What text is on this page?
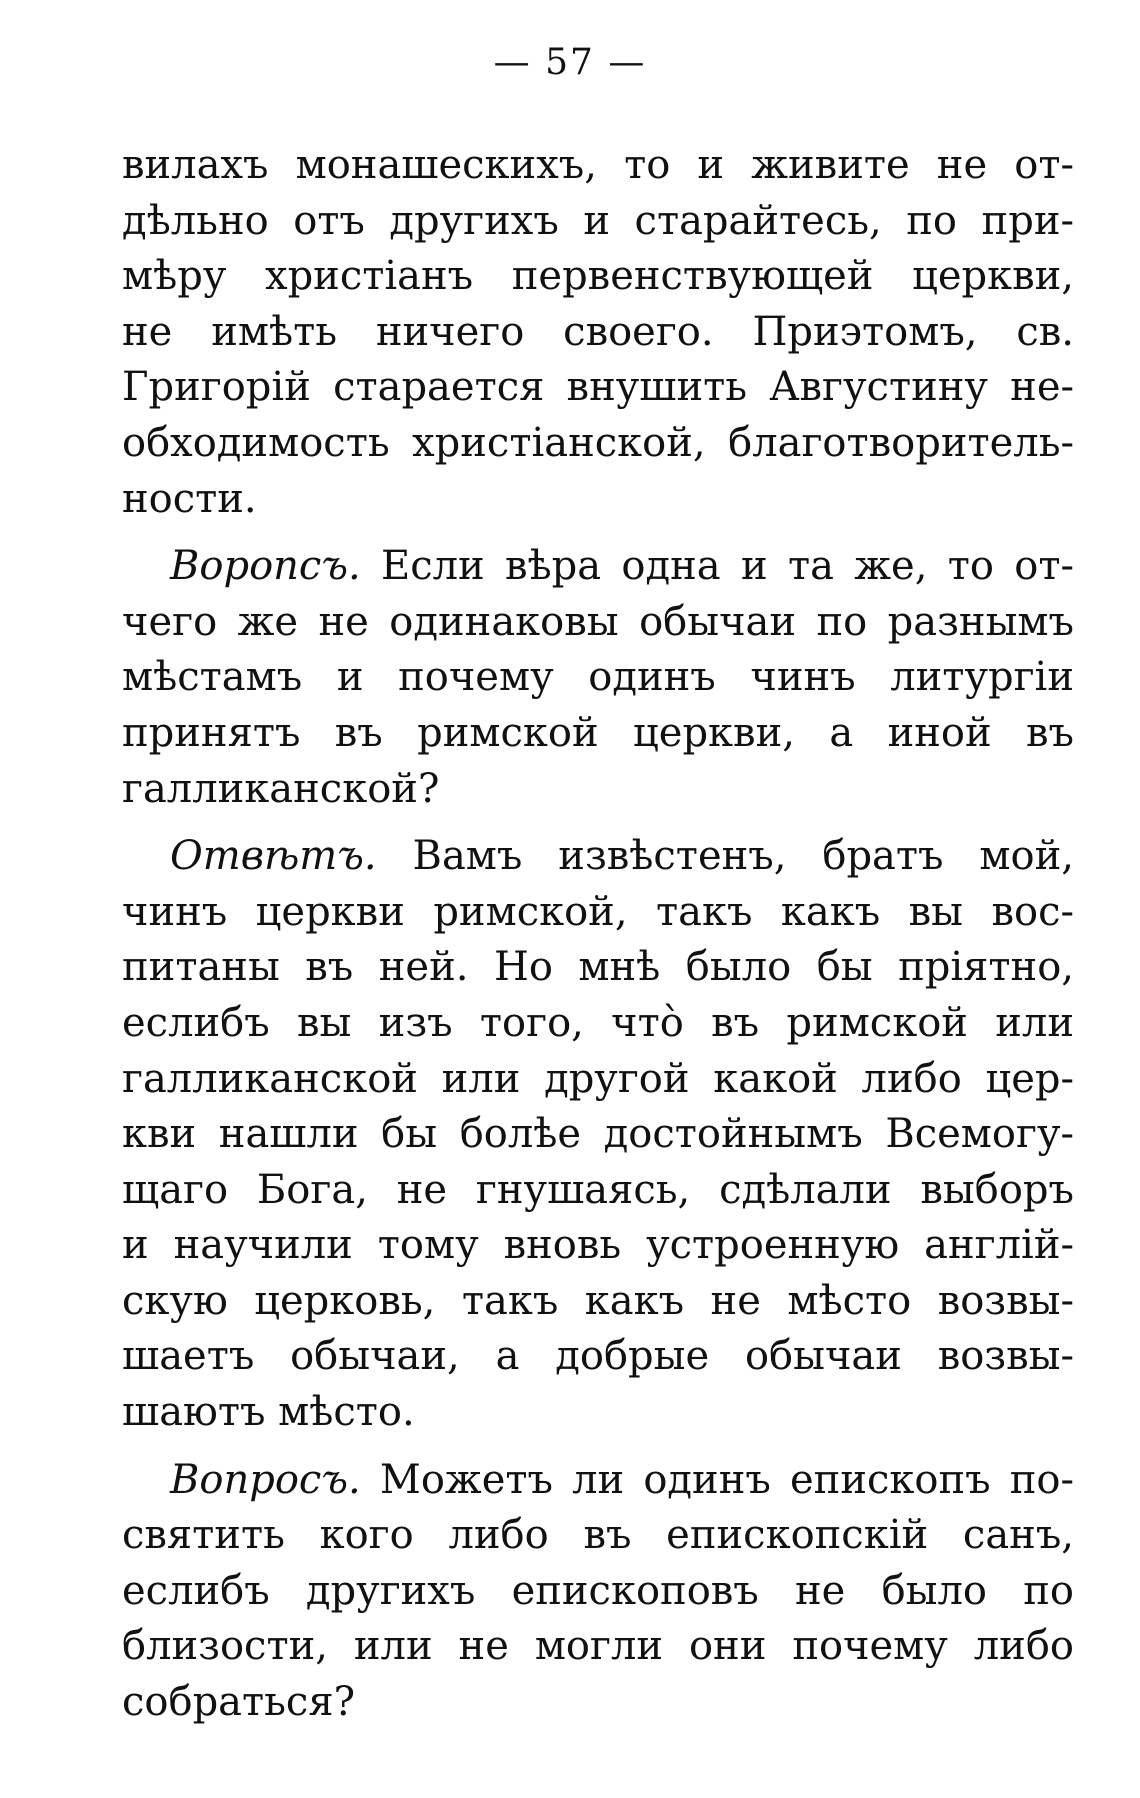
— 57 —
вилахъ монашескихъ, то и живите не от-
дѣльно отъ другихъ и старайтесь, по при-
мѣру христіанъ первенствующей церкви,
не имѣть ничего своего. Приэтомъ, св.
Григорій старается внушить Августину не-
обходимость христіанской, благотворитель-
ности.
Воропсъ. Если вѣра одна и та же, то от-
чего же не одинаковы обычаи по разнымъ
мѣстамъ и почему одинъ чинъ литургіи
принятъ въ римской церкви, а иной въ
галликанской?
Отвѣтъ. Вамъ извѣстенъ, братъ мой,
чинъ церкви римской, такъ какъ вы вос-
питаны въ ней. Но мнѣ было бы пріятно,
еслибъ вы изъ того, что̀ въ римской или
галликанской или другой какой либо цер-
кви нашли бы болѣе достойнымъ Всемогу-
щаго Бога, не гнушаясь, сдѣлали выборъ
и научили тому вновь устроенную англій-
скую церковь, такъ какъ не мѣсто возвы-
шаетъ обычаи, а добрые обычаи возвы-
шаютъ мѣсто.
Вопросъ. Можетъ ли одинъ епископъ по-
святить кого либо въ епископскій санъ,
еслибъ другихъ епископовъ не было по
близости, или не могли они почему либо
собраться?
